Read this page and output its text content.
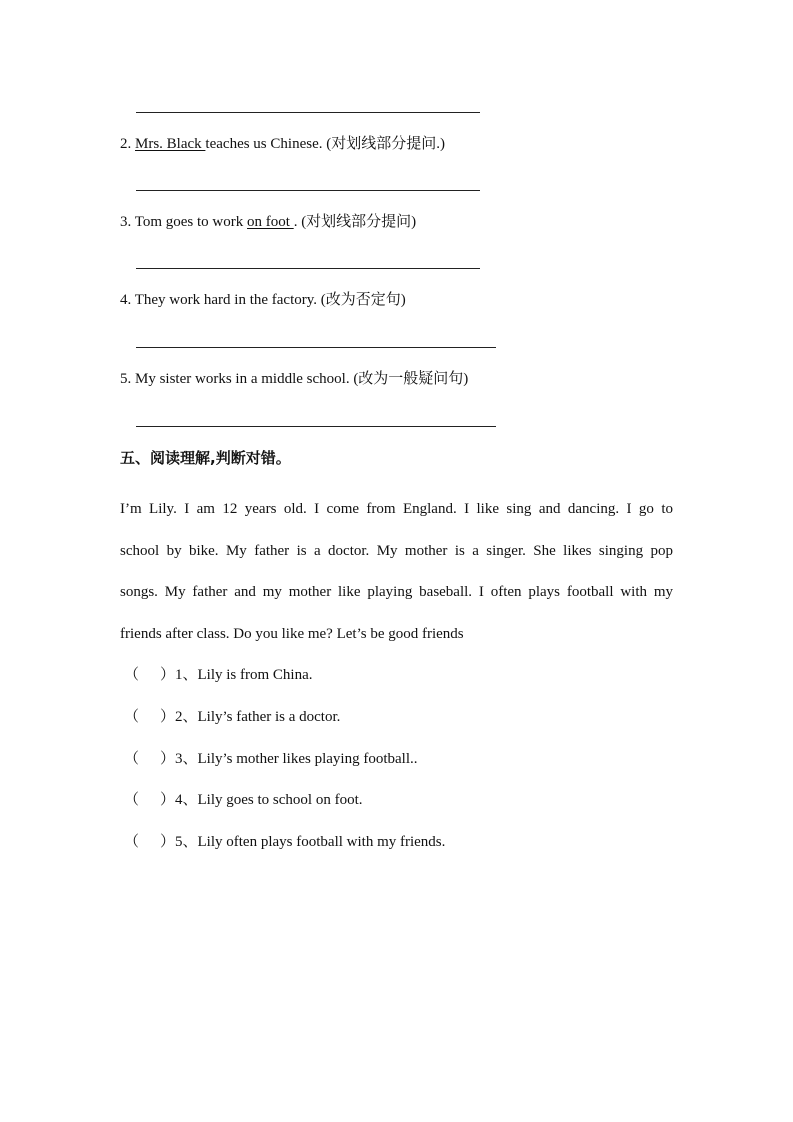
2. Mrs. Black teaches us Chinese. (对划线部分提问.)
3. Tom goes to work on foot . (对划线部分提问)
4. They work hard in the factory. (改为否定句)
5. My sister works in a middle school. (改为一般疑问句)
五、阅读理解,判断对错。
I’m Lily. I am 12 years old. I come from England. I like sing and dancing. I go to
school by bike. My father is a doctor. My mother is a singer. She likes singing pop
songs. My father and my mother like playing baseball. I often plays football with my
friends after class. Do you like me? Let’s be good friends
（ ）1、Lily is from China.
（ ）2、Lily’s father is a doctor.
（ ）3、Lily’s mother likes playing football..
（ ）4、Lily goes to school on foot.
（ ）5、Lily often plays football with my friends.
